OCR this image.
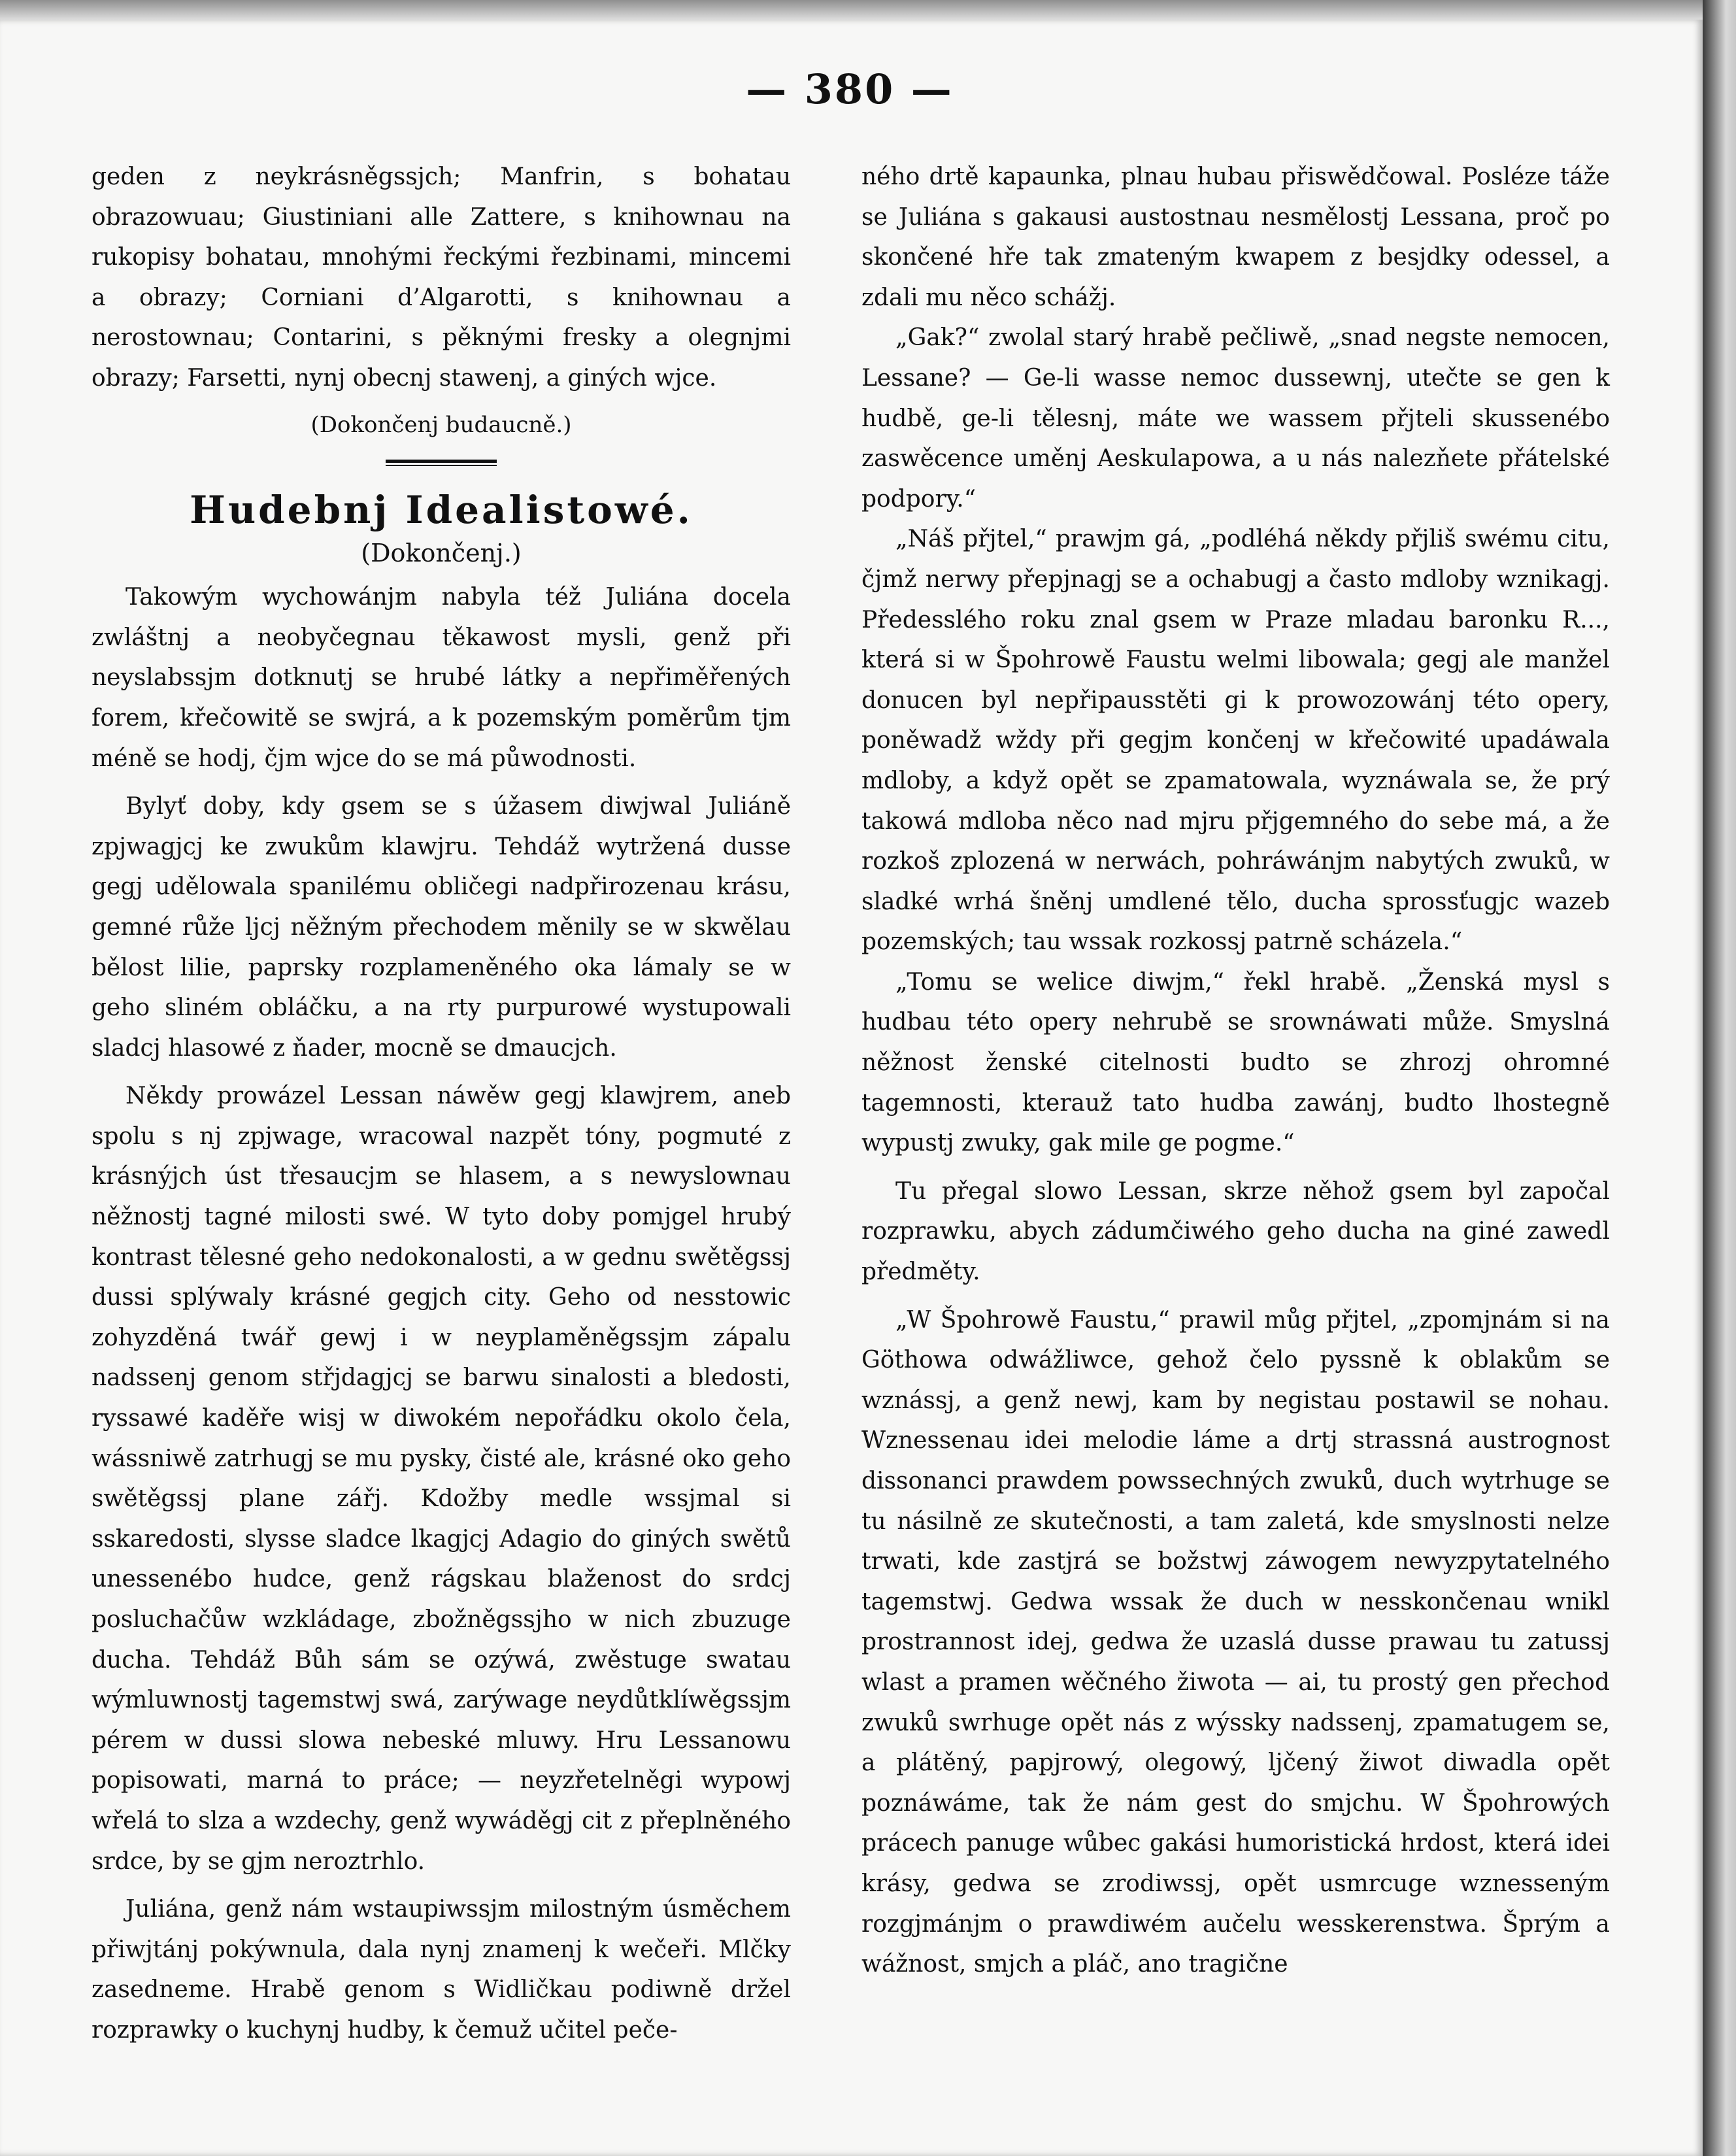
— 380 —

geden z neykrásněgssjch; Manfrin, s bohatau obrazowuau; Giustiniani alle Zattere, s knihownau na rukopisy bohatau, mnohými řeckými řezbinami, mincemi a obrazy; Corniani d’Algarotti, s knihownau a nerostownau; Contarini, s pěknými fresky a olegnjmi obrazy; Farsetti, nynj obecnj stawenj, a giných wjce.

(Dokončenj budaucně.)
Hudebnj Idealistowé.
(Dokončenj.)

Takowým wychowánjm nabyla též Juliána docela zwláštnj a neobyčegnau těkawost mysli, genž při neyslabssjm dotknutj se hrubé látky a nepřiměřených forem, křečowitě se swjrá, a k pozemským poměrům tjm méně se hodj, čjm wjce do se má půwodnosti.

Bylyť doby, kdy gsem se s úžasem diwjwal Juliáně zpjwagjcj ke zwukům klawjru. Tehdáž wytržená dusse gegj udělowala spanilému obličegi nadpřirozenau krásu, gemné růže ljcj něžným přechodem měnily se w skwělau bělost lilie, paprsky rozplameněného oka lámaly se w geho sliném obláčku, a na rty purpurowé wystupowali sladcj hlasowé z ňader, mocně se dmaucjch.

Někdy prowázel Lessan náwěw gegj klawjrem, aneb spolu s nj zpjwage, wracowal nazpět tóny, pogmuté z krásnýjch úst třesaucjm se hlasem, a s newyslownau něžnostj tagné milosti swé. W tyto doby pomjgel hrubý kontrast tělesné geho nedokonalosti, a w gednu swětěgssj dussi splýwaly krásné gegjch city. Geho od nesstowic zohyzděná twář gewj i w neyplaměněgssjm zápalu nadssenj genom střjdagjcj se barwu sinalosti a bledosti, ryssawé kaděře wisj w diwokém nepořádku okolo čela, wássniwě zatrhugj se mu pysky, čisté ale, krásné oko geho swětěgssj plane zářj. Kdožby medle wssjmal si sskaredosti, slysse sladce lkagjcj Adagio do giných swětů unessenébo hudce, genž rágskau blaženost do srdcj posluchačůw wzkládage, zbožněgssjho w nich zbuzuge ducha. Tehdáž Bůh sám se ozýwá, zwěstuge swatau wýmluwnostj tagemstwj swá, zarýwage neydůtklíwěgssjm pérem w dussi slowa nebeské mluwy. Hru Lessanowu popisowati, marná to práce; — neyzřetelněgi wypowj wřelá to slza a wzdechy, genž wywáděgj cit z přeplněného srdce, by se gjm neroztrhlo.

Juliána, genž nám wstaupiwssjm milostným úsměchem přiwjtánj pokýwnula, dala nynj znamenj k wečeři. Mlčky zasedneme. Hrabě genom s Widličkau podiwně držel rozprawky o kuchynj hudby, k čemuž učitel peče-

ného drtě kapaunka, plnau hubau přiswědčowal. Posléze táže se Juliána s gakausi austostnau nesmělostj Lessana, proč po skončené hře tak zmateným kwapem z besjdky odessel, a zdali mu něco schážj.

„Gak?“ zwolal starý hrabě pečliwě, „snad negste nemocen, Lessane? — Ge-li wasse nemoc dussewnj, utečte se gen k hudbě, ge-li tělesnj, máte we wassem přjteli skussenébo zaswěcence uměnj Aeskulapowa, a u nás nalezňete přátelské podpory.“

„Náš přjtel,“ prawjm gá, „podléhá někdy přjliš swému citu, čjmž nerwy přepjnagj se a ochabugj a často mdloby wznikagj. Předesslého roku znal gsem w Praze mladau baronku R..., která si w Špohrowě Faustu welmi libowala; gegj ale manžel donucen byl nepřipausstěti gi k prowozowánj této opery, poněwadž wždy při gegjm končenj w křečowité upadáwala mdloby, a když opět se zpamatowala, wyznáwala se, že prý takowá mdloba něco nad mjru přjgemného do sebe má, a že rozkoš zplozená w nerwách, pohráwánjm nabytých zwuků, w sladké wrhá šněnj umdlené tělo, ducha sprossťugjc wazeb pozemských; tau wssak rozkossj patrně scházela.“

„Tomu se welice diwjm,“ řekl hrabě. „Ženská mysl s hudbau této opery nehrubě se srownáwati může. Smyslná něžnost ženské citelnosti budto se zhrozj ohromné tagemnosti, kterauž tato hudba zawánj, budto lhostegně wypustj zwuky, gak mile ge pogme.“

Tu přegal slowo Lessan, skrze něhož gsem byl započal rozprawku, abych zádumčiwého geho ducha na giné zawedl předměty.

„W Špohrowě Faustu,“ prawil můg přjtel, „zpomjnám si na Göthowa odwážliwce, gehož čelo pyssně k oblakům se wznássj, a genž newj, kam by negistau postawil se nohau. Wznessenau idei melodie láme a drtj strassná austrognost dissonanci prawdem powssechných zwuků, duch wytrhuge se tu násilně ze skutečnosti, a tam zaletá, kde smyslnosti nelze trwati, kde zastjrá se božstwj záwogem newyzpytatelného tagemstwj. Gedwa wssak že duch w nesskončenau wnikl prostrannost idej, gedwa že uzaslá dusse prawau tu zatussj wlast a pramen wěčného žiwota — ai, tu prostý gen přechod zwuků swrhuge opět nás z wýssky nadssenj, zpamatugem se, a plátěný, papjrowý, olegowý, ljčený žiwot diwadla opět poznáwáme, tak že nám gest do smjchu. W Špohrowých prácech panuge wůbec gakási humoristická hrdost, která idei krásy, gedwa se zrodiwssj, opět usmrcuge wznesseným rozgjmánjm o prawdiwém aučelu wesskerenstwa. Šprým a wážnost, smjch a pláč, ano tragične
